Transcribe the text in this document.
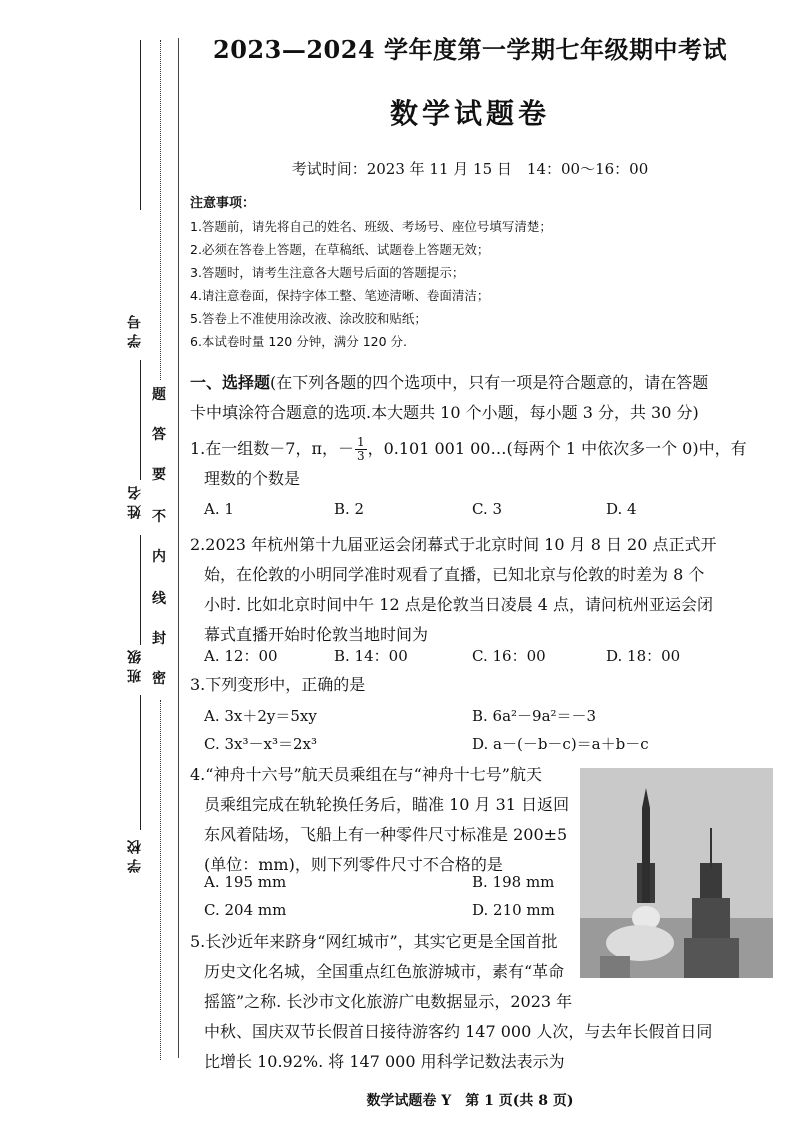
学 号
姓 名
班 级
学 校
题
答
要
不
内
线
封
密
2023—2024 学年度第一学期七年级期中考试
数学试题卷
考试时间：2023 年 11 月 15 日　14：00～16：00
注意事项：
1.答题前，请先将自己的姓名、班级、考场号、座位号填写清楚；
2.必须在答卷上答题，在草稿纸、试题卷上答题无效；
3.答题时，请考生注意各大题号后面的答题提示；
4.请注意卷面，保持字体工整、笔迹清晰、卷面清洁；
5.答卷上不准使用涂改液、涂改胶和贴纸；
6.本试卷时量 120 分钟，满分 120 分.
一、选择题(在下列各题的四个选项中，只有一项是符合题意的，请在答题
卡中填涂符合题意的选项.本大题共 10 个小题，每小题 3 分，共 30 分)
1.在一组数－7，π，－ $\frac{1}{3}$ ，0.101 001 00…(每两个 1 中依次多一个 0)中，有
理数的个数是
A. 1	B. 2	C. 3	D. 4
2.2023 年杭州第十九届亚运会闭幕式于北京时间 10 月 8 日 20 点正式开
始，在伦敦的小明同学准时观看了直播，已知北京与伦敦的时差为 8 个
小时. 比如北京时间中午 12 点是伦敦当日凌晨 4 点，请问杭州亚运会闭
幕式直播开始时伦敦当地时间为
A. 12：00	B. 14：00	C. 16：00	D. 18：00
3.下列变形中，正确的是
A. 3x＋2y＝5xy	B. 6a²－9a²＝－3
C. 3x³－x³＝2x³	D. a－(－b－c)＝a＋b－c
4.“神舟十六号”航天员乘组在与“神舟十七号”航天
员乘组完成在轨轮换任务后，瞄准 10 月 31 日返回
东风着陆场，飞船上有一种零件尺寸标准是 200±5
(单位：mm)，则下列零件尺寸不合格的是
A. 195 mm	B. 198 mm
C. 204 mm	D. 210 mm
5.长沙近年来跻身“网红城市”，其实它更是全国首批
历史文化名城，全国重点红色旅游城市，素有“革命
摇篮”之称. 长沙市文化旅游广电数据显示，2023 年
中秋、国庆双节长假首日接待游客约 147 000 人次，与去年长假首日同
比增长 10.92%. 将 147 000 用科学记数法表示为
数学试题卷 Y　第 1 页(共 8 页)
